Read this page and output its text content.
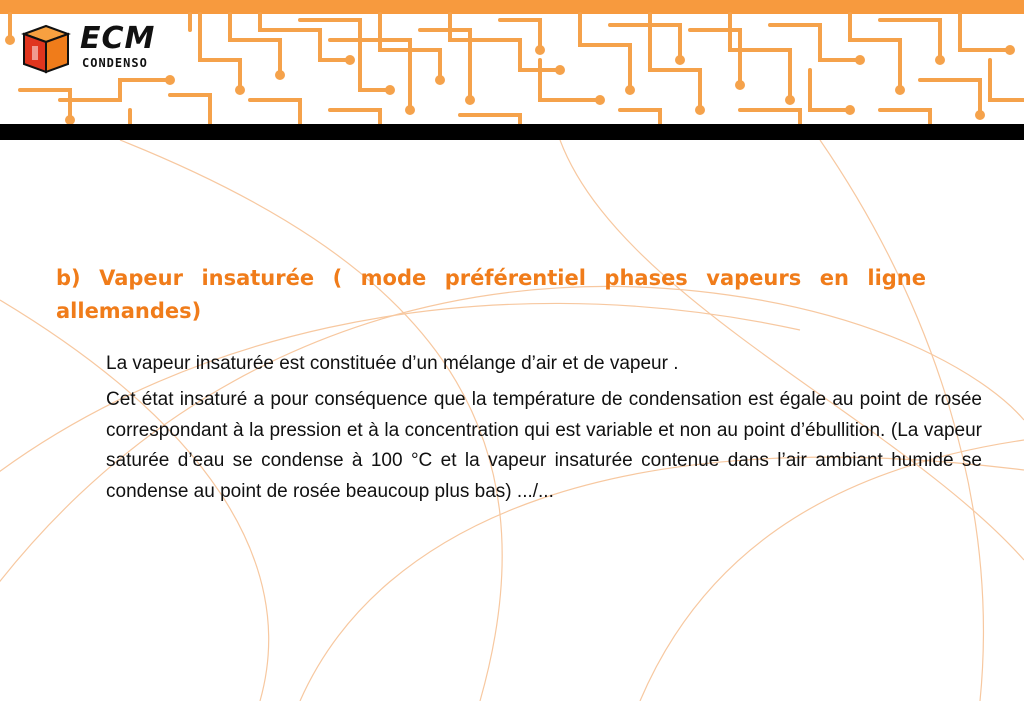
ECM
CONDENSO
b) Vapeur insaturée ( mode préférentiel phases vapeurs en ligne allemandes)
La vapeur insaturée est constituée d’un mélange d’air et de vapeur .
Cet état insaturé a pour conséquence que la température de condensation est égale au point de rosée correspondant à la pression et à la concentration qui est variable et non au point d’ébullition. (La vapeur saturée d’eau se condense à 100 °C et la vapeur insaturée contenue dans l’air ambiant humide se condense au point de rosée beaucoup plus bas) .../...
